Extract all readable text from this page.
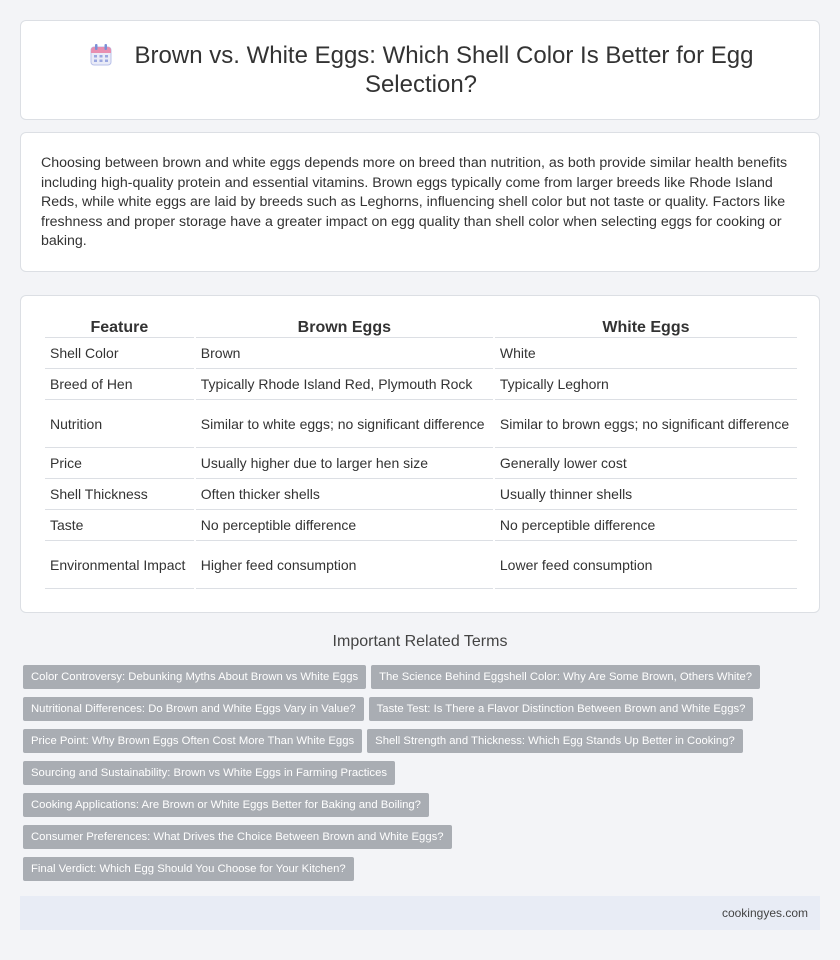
Brown vs. White Eggs: Which Shell Color Is Better for Egg
Selection?

Choosing between brown and white eggs depends more on breed than nutrition, as both provide similar health benefits including high-quality protein and essential vitamins. Brown eggs typically come from larger breeds like Rhode Island Reds, while white eggs are laid by breeds such as Leghorns, influencing shell color but not taste or quality. Factors like freshness and proper storage have a greater impact on egg quality than shell color when selecting eggs for cooking or baking.

Feature	Brown Eggs	White Eggs
Shell Color	Brown	White
Breed of Hen	Typically Rhode Island Red, Plymouth Rock	Typically Leghorn
Nutrition	Similar to white eggs; no significant difference	Similar to brown eggs; no significant difference
Price	Usually higher due to larger hen size	Generally lower cost
Shell Thickness	Often thicker shells	Usually thinner shells
Taste	No perceptible difference	No perceptible difference
Environmental Impact	Higher feed consumption	Lower feed consumption
Important Related Terms
Color Controversy: Debunking Myths About Brown vs White Eggs The Science Behind Eggshell Color: Why Are Some Brown, Others White?
Nutritional Differences: Do Brown and White Eggs Vary in Value? Taste Test: Is There a Flavor Distinction Between Brown and White Eggs?
Price Point: Why Brown Eggs Often Cost More Than White Eggs Shell Strength and Thickness: Which Egg Stands Up Better in Cooking?
Sourcing and Sustainability: Brown vs White Eggs in Farming Practices
Cooking Applications: Are Brown or White Eggs Better for Baking and Boiling?
Consumer Preferences: What Drives the Choice Between Brown and White Eggs?
Final Verdict: Which Egg Should You Choose for Your Kitchen?
cookingyes.com
